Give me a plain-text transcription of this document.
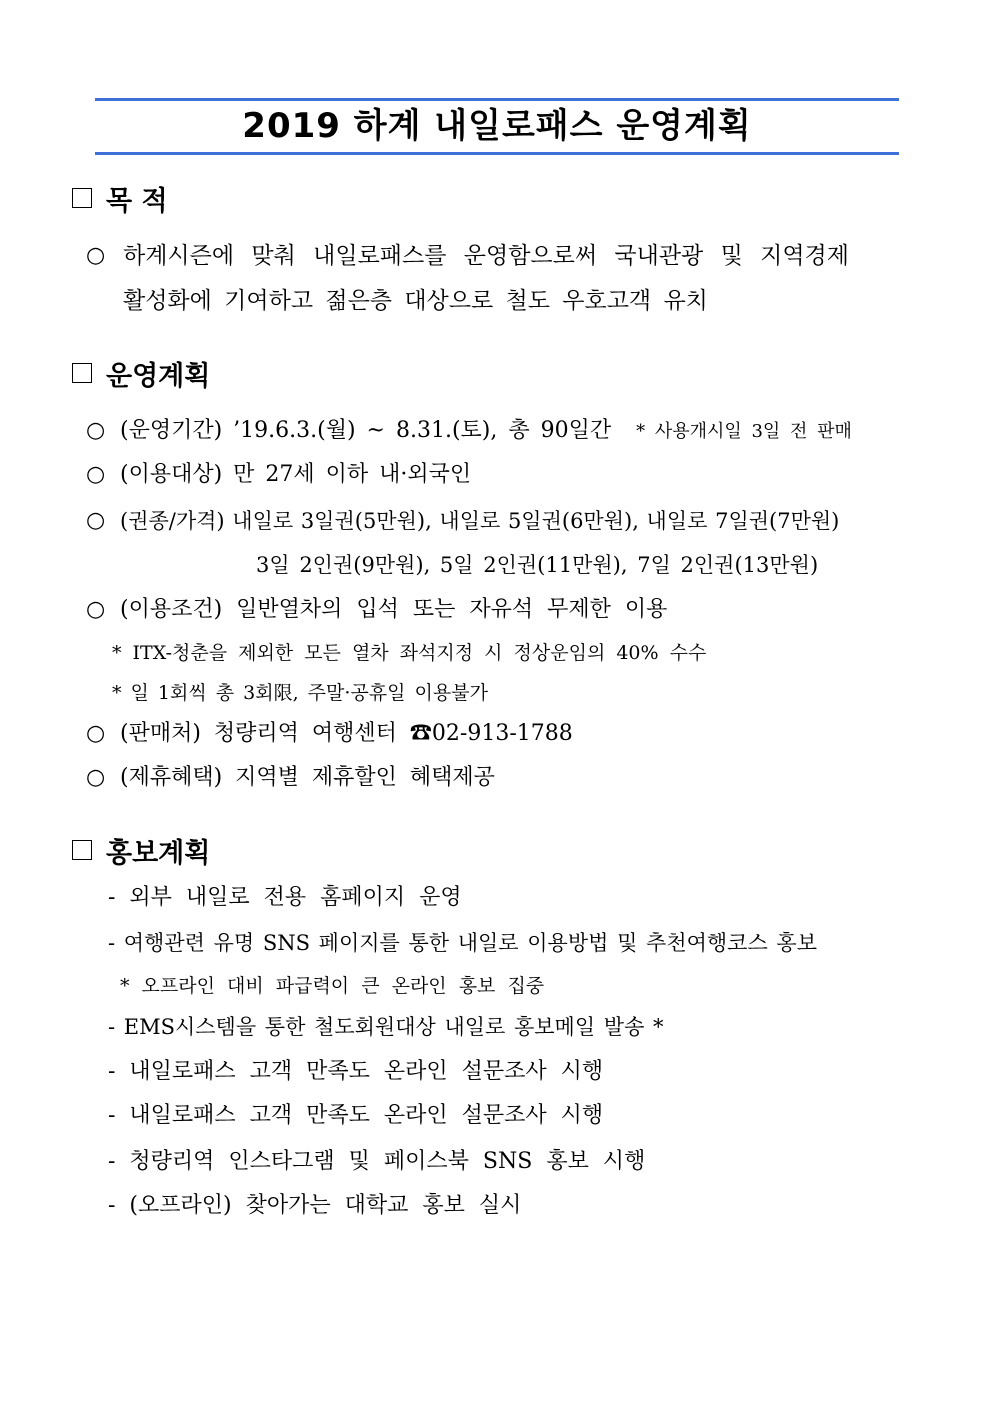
2019 하계 내일로패스 운영계획
목 적
○ 하계시즌에 맞춰 내일로패스를 운영함으로써 국내관광 및 지역경제
활성화에 기여하고 젊은층 대상으로 철도 우호고객 유치
운영계획
○ (운영기간) ’19.6.3.(월) ~ 8.31.(토), 총 90일간 * 사용개시일 3일 전 판매
○ (이용대상) 만 27세 이하 내·외국인
○ (권종/가격) 내일로 3일권(5만원), 내일로 5일권(6만원), 내일로 7일권(7만원)
3일 2인권(9만원), 5일 2인권(11만원), 7일 2인권(13만원)
○ (이용조건) 일반열차의 입석 또는 자유석 무제한 이용
* ITX-청춘을 제외한 모든 열차 좌석지정 시 정상운임의 40% 수수
* 일 1회씩 총 3회限, 주말·공휴일 이용불가
○ (판매처) 청량리역 여행센터 ☎02-913-1788
○ (제휴혜택) 지역별 제휴할인 혜택제공
홍보계획
- 외부 내일로 전용 홈페이지 운영
- 여행관련 유명 SNS 페이지를 통한 내일로 이용방법 및 추천여행코스 홍보
* 오프라인 대비 파급력이 큰 온라인 홍보 집중
- EMS시스템을 통한 철도회원대상 내일로 홍보메일 발송 *
- 내일로패스 고객 만족도 온라인 설문조사 시행
- 내일로패스 고객 만족도 온라인 설문조사 시행
- 청량리역 인스타그램 및 페이스북 SNS 홍보 시행
- (오프라인) 찾아가는 대학교 홍보 실시
